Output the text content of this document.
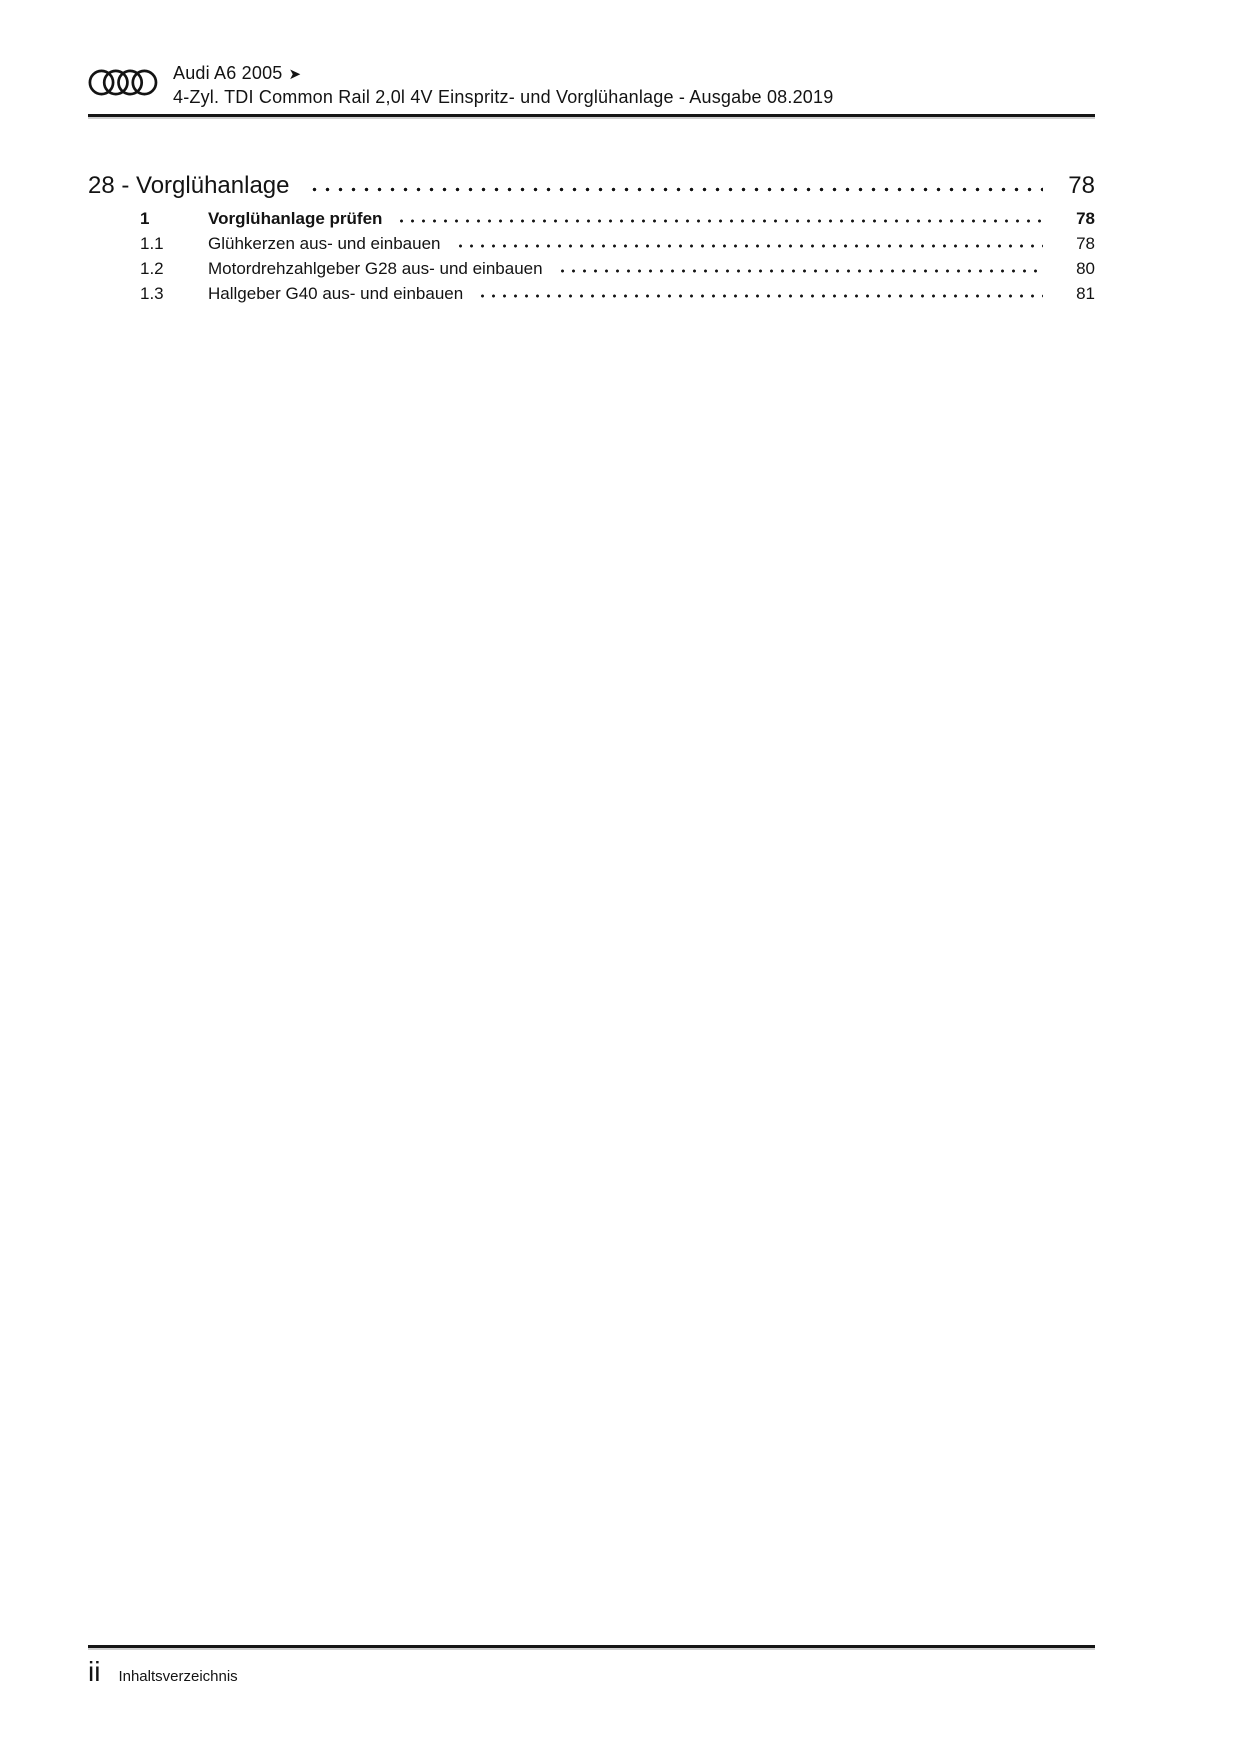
Audi A6 2005 ➤
4-Zyl. TDI Common Rail 2,0l 4V Einspritz- und Vorglühanlage - Ausgabe 08.2019
28 - Vorglühanlage	78
1	Vorglühanlage prüfen	78
1.1	Glühkerzen aus- und einbauen	78
1.2	Motordrehzahlgeber G28 aus- und einbauen	80
1.3	Hallgeber G40 aus- und einbauen	81
ii Inhaltsverzeichnis
